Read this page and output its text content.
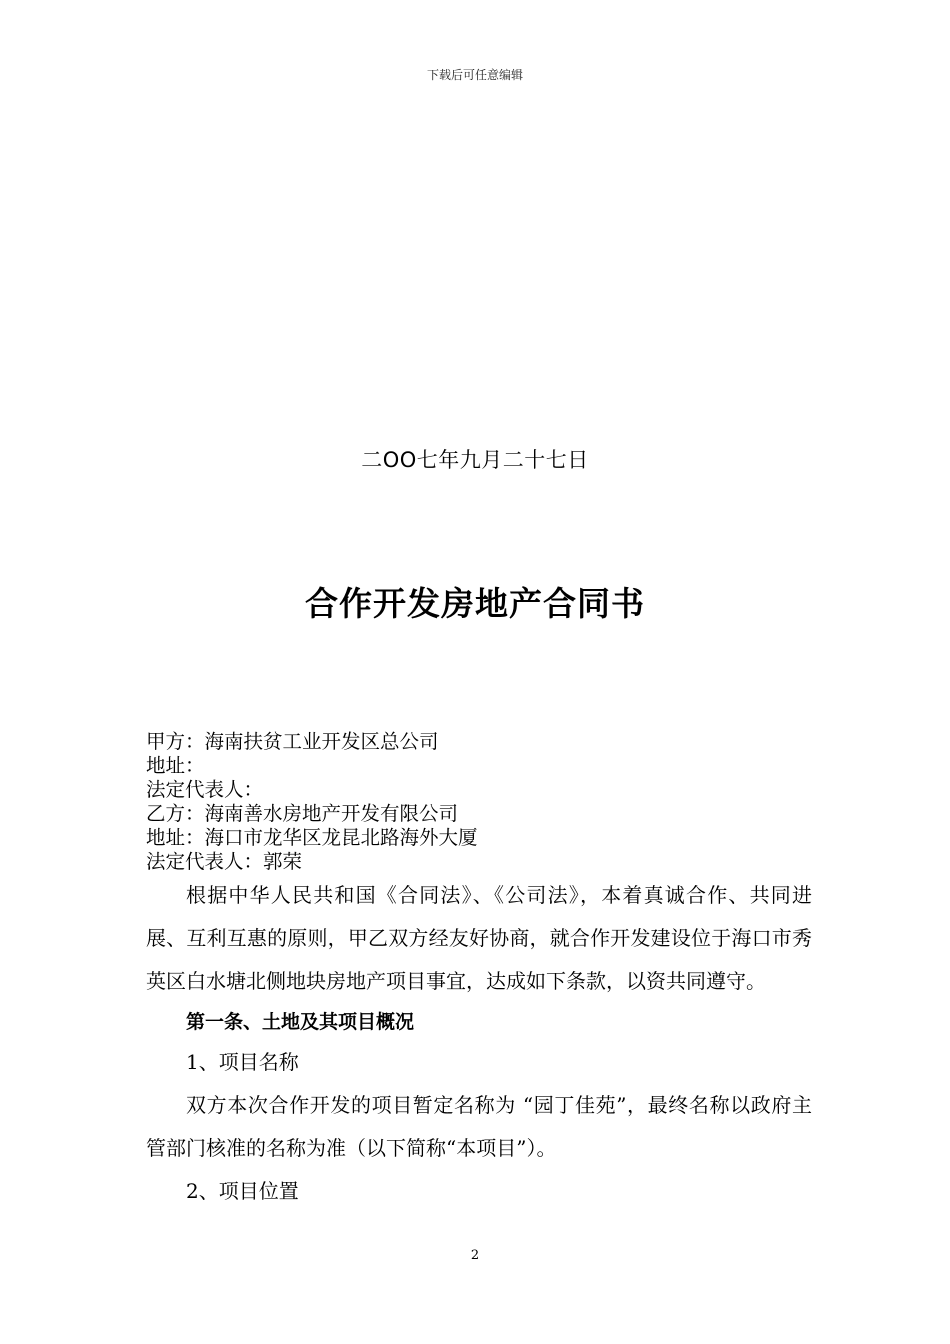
下载后可任意编辑
二OO七年九月二十七日
合作开发房地产合同书
甲方：海南扶贫工业开发区总公司
地址：
法定代表人：
乙方：海南善水房地产开发有限公司
地址：海口市龙华区龙昆北路海外大厦
法定代表人：郭荣

根据中华人民共和国《合同法》、《公司法》，本着真诚合作、共同进展、互利互惠的原则，甲乙双方经友好协商，就合作开发建设位于海口市秀英区白水塘北侧地块房地产项目事宜，达成如下条款，以资共同遵守。

第一条、土地及其项目概况

1、项目名称

双方本次合作开发的项目暂定名称为 “园丁佳苑”，最终名称以政府主管部门核准的名称为准（以下简称“本项目”）。

2、项目位置

2
